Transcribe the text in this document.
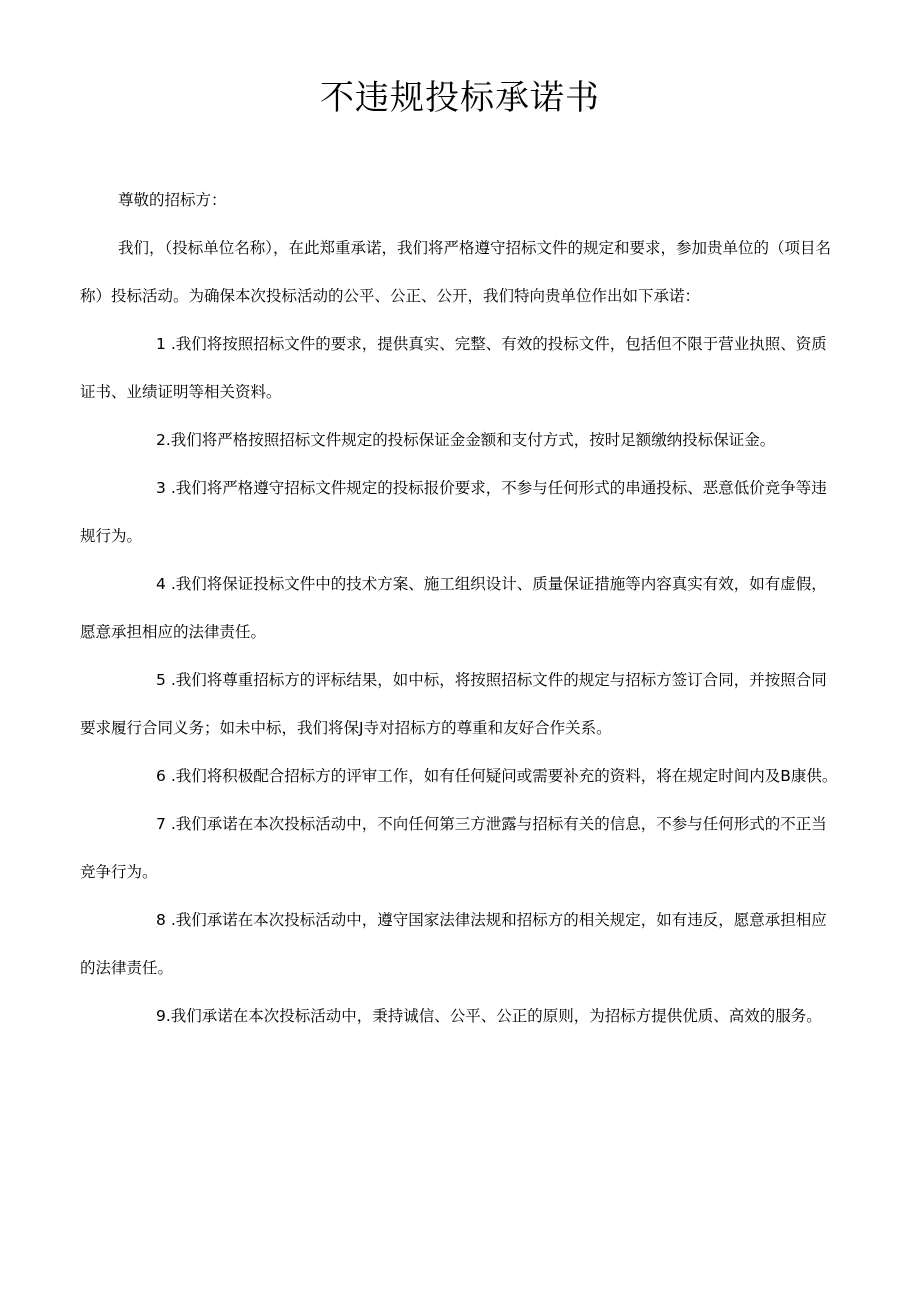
不违规投标承诺书

尊敬的招标方：

我们，（投标单位名称），在此郑重承诺，我们将严格遵守招标文件的规定和要求，参加贵单位的（项目名称）投标活动。为确保本次投标活动的公平、公正、公开，我们特向贵单位作出如下承诺：

1 .我们将按照招标文件的要求，提供真实、完整、有效的投标文件，包括但不限于营业执照、资质证书、业绩证明等相关资料。

2.我们将严格按照招标文件规定的投标保证金金额和支付方式，按时足额缴纳投标保证金。

3 .我们将严格遵守招标文件规定的投标报价要求，不参与任何形式的串通投标、恶意低价竞争等违规行为。

4 .我们将保证投标文件中的技术方案、施工组织设计、质量保证措施等内容真实有效，如有虚假，愿意承担相应的法律责任。

5 .我们将尊重招标方的评标结果，如中标，将按照招标文件的规定与招标方签订合同，并按照合同要求履行合同义务；如未中标，我们将保J寺对招标方的尊重和友好合作关系。

6 .我们将积极配合招标方的评审工作，如有任何疑问或需要补充的资料，将在规定时间内及B康供。

7 .我们承诺在本次投标活动中，不向任何第三方泄露与招标有关的信息，不参与任何形式的不正当竞争行为。

8 .我们承诺在本次投标活动中，遵守国家法律法规和招标方的相关规定，如有违反，愿意承担相应的法律责任。

9.我们承诺在本次投标活动中，秉持诚信、公平、公正的原则，为招标方提供优质、高效的服务。
